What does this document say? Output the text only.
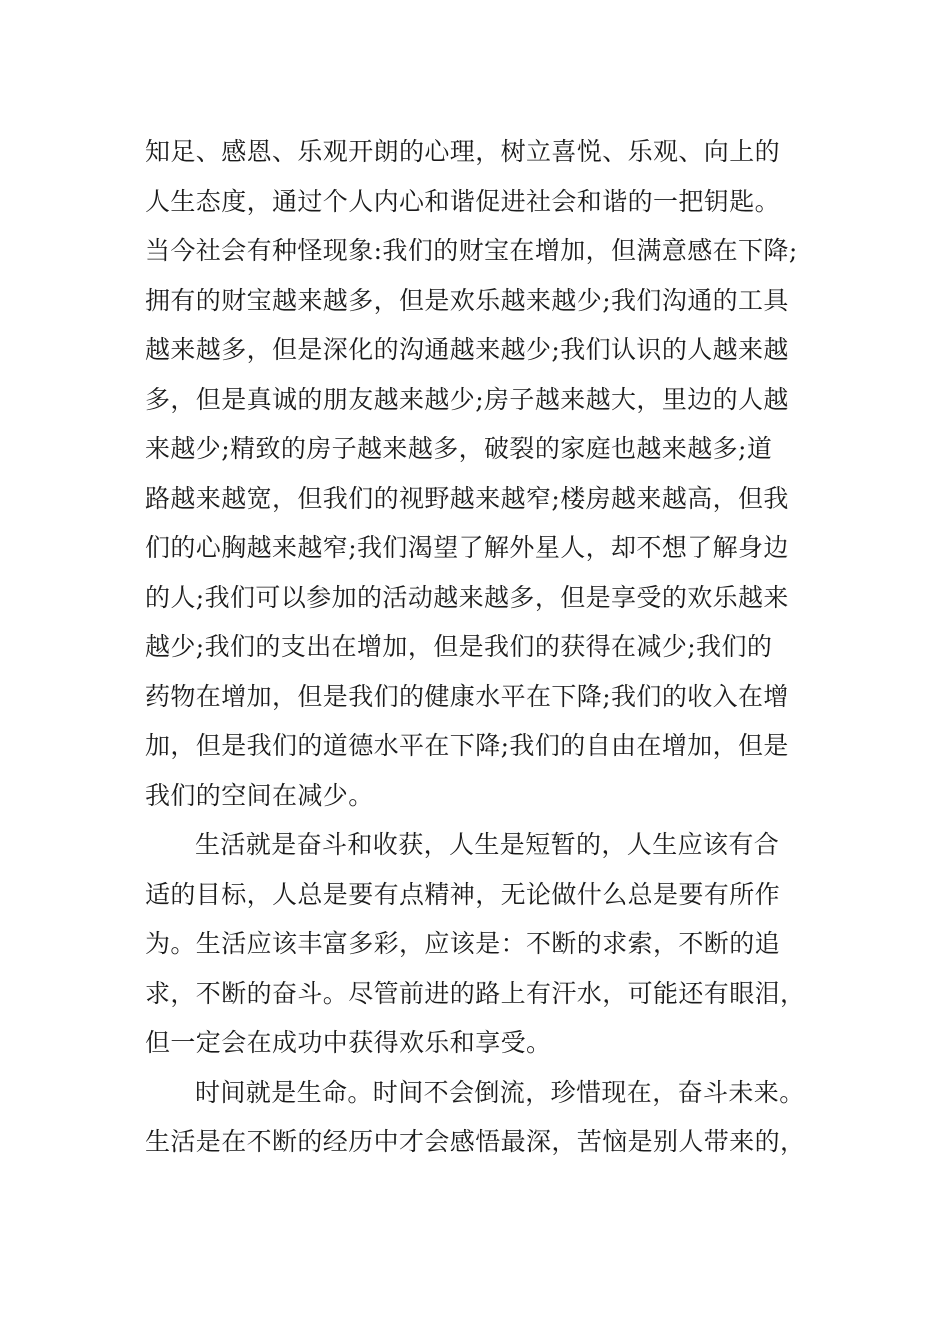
知足、感恩、乐观开朗的心理，树立喜悦、乐观、向上的
人生态度，通过个人内心和谐促进社会和谐的一把钥匙。
当今社会有种怪现象:我们的财宝在增加，但满意感在下降;
拥有的财宝越来越多，但是欢乐越来越少;我们沟通的工具
越来越多，但是深化的沟通越来越少;我们认识的人越来越
多，但是真诚的朋友越来越少;房子越来越大，里边的人越
来越少;精致的房子越来越多，破裂的家庭也越来越多;道
路越来越宽，但我们的视野越来越窄;楼房越来越高，但我
们的心胸越来越窄;我们渴望了解外星人，却不想了解身边
的人;我们可以参加的活动越来越多，但是享受的欢乐越来
越少;我们的支出在增加，但是我们的获得在减少;我们的
药物在增加，但是我们的健康水平在下降;我们的收入在增
加，但是我们的道德水平在下降;我们的自由在增加，但是
我们的空间在减少。
生活就是奋斗和收获，人生是短暂的，人生应该有合
适的目标，人总是要有点精神，无论做什么总是要有所作
为。生活应该丰富多彩，应该是：不断的求索，不断的追
求，不断的奋斗。尽管前进的路上有汗水，可能还有眼泪，
但一定会在成功中获得欢乐和享受。
时间就是生命。时间不会倒流，珍惜现在，奋斗未来。
生活是在不断的经历中才会感悟最深，苦恼是别人带来的，
